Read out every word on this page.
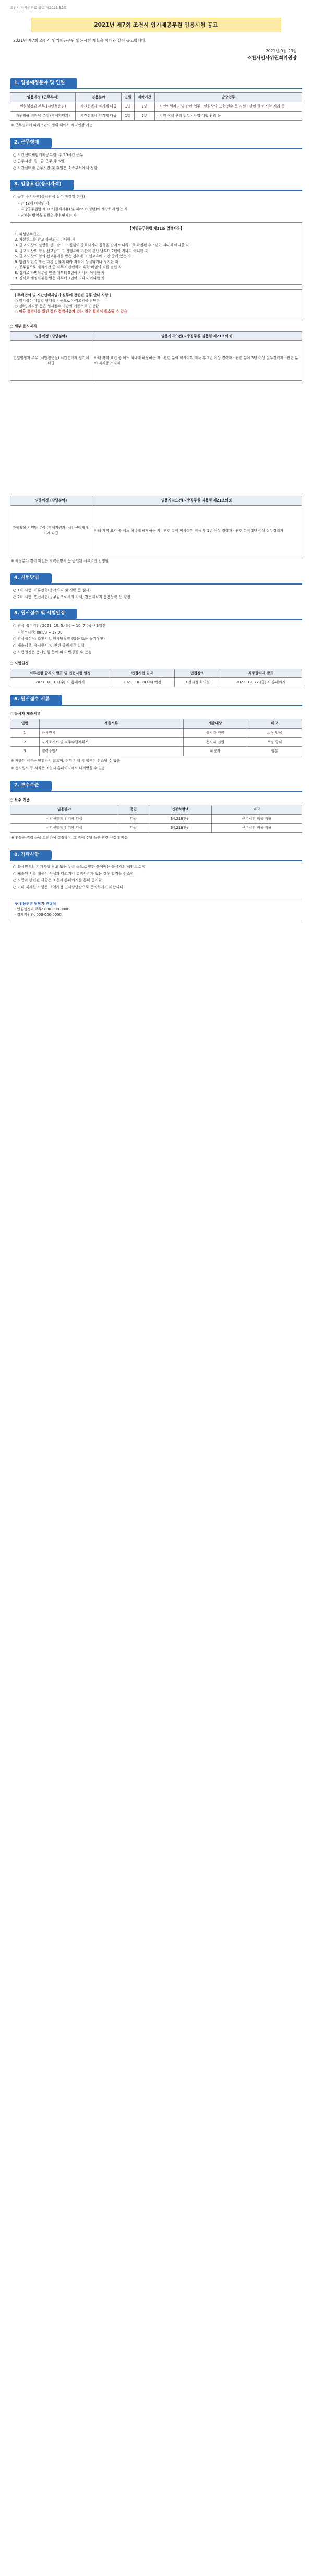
조천시 인사위원회 공고 제2021-52호
2021년 제7회 조천시 임기제공무원 임용시험 공고
2021년 제7회 조천시 임기제공무원 임용시험 계획을 아래와 같이 공고합니다.
2021년 9월 23일
조천시인사위원회위원장
1. 임용예정분야 및 인원
임용예정 (근무부서)	임용분야	인원	계약기간	담당업무
민원행정과 주무 (시민청운팀)	시간선택제 임기제 다급	1명	2년	· 시민민원처리 및 관련 업무 · 민원상담·고충 전수 등 지원 · 관련 행정 사항 처리 등
자원활용 지원팀 분야 (경제지원과)	시간선택제 임기제 다급	1명	2년	· 지원 정책 관리 업무 · 사업 이행 관리 등
※ 근무성과에 따라 5년의 범위 내에서 계약연장 가능
2. 근무형태
○ 시간선택제임기제공무원: 주 20시간 근무
○ 근무시간: 월~금 근무(주 5일)
○ 시간선택제 근무시간 및 휴일은 소속부서에서 정함
3. 임용요건(응시자격)
○ 공통 응시자격(응시원서 접수 마감일 현재)
- 만 18세 이상인 자
- 지방공무원법 제31조(결격사유) 및 제66조(정년)에 해당하지 않는 자
- 남자는 병역을 필하였거나 면제된 자
【지방공무원법 제31조 결격사유】
1. 피성년후견인
2. 파산선고를 받고 복권되지 아니한 자
3. 금고 이상의 실형을 선고받고 그 집행이 종료되거나 집행을 받지 아니하기로 확정된 후 5년이 지나지 아니한 자
4. 금고 이상의 형을 선고받고 그 집행유예 기간이 끝난 날부터 2년이 지나지 아니한 자
5. 금고 이상의 형의 선고유예를 받은 경우에 그 선고유예 기간 중에 있는 자
6. 법원의 판결 또는 다른 법률에 따라 자격이 상실되거나 정지된 자
7. 공무원으로 재직기간 중 직무와 관련하여 횡령·배임의 죄를 범한 자
8. 징계로 파면처분을 받은 때부터 5년이 지나지 아니한 자
9. 징계로 해임처분을 받은 때부터 3년이 지나지 아니한 자
[ 주택법의 및 시간선택제임기 실무에 관련된 공통 안내 사항 ]
○ 원서접수 마감일 현재를 기준으로 자격요건을 판단함
○ 경력, 자격증 등은 원서접수 마감일 기준으로 인정함
○ 임용 결격사유 확인 결과 결격사유가 있는 경우 합격이 취소될 수 있음
○ 세부 응시자격
임용예정 (담당분야)	임용자격요건(지방공무원 임용령 제21조의3)
민원행정과 주무 (시민청운팀) 시간선택제 임기제 다급	아래 자격 요건 중 어느 하나에 해당하는 자 · 관련 분야 학사학위 취득 후 1년 이상 경력자 · 관련 분야 3년 이상 실무경력자 · 관련 분야 자격증 소지자
임용예정 (담당분야)	임용자격요건(지방공무원 임용령 제21조의3)
자원활용 지원팀 분야 (경제지원과) 시간선택제 임기제 다급	아래 자격 요건 중 어느 하나에 해당하는 자 · 관련 분야 학사학위 취득 후 1년 이상 경력자 · 관련 분야 3년 이상 실무경력자
※ 해당분야 경력 확인은 경력증명서 등 공인된 서류로만 인정함
4. 시험방법
○ 1차 시험: 서류전형(응시자격 및 경력 등 심사)
○ 2차 시험: 면접시험(공무원으로서의 자세, 전문지식과 응용능력 등 평정)
5. 원서접수 및 시험일정
○ 원서 접수기간: 2021. 10. 5.(화) ~ 10. 7.(목) / 3일간
- 접수시간: 09:00 ~ 18:00
○ 원서접수처: 조천시청 인사담당관 (방문 또는 등기우편)
○ 제출서류: 응시원서 및 관련 증빙서류 일체
○ 시험일정은 응시인원 등에 따라 변경될 수 있음
○ 시험일정
서류전형 합격자 발표 및 면접시험 일정	면접시험 일자	면접장소	최종합격자 발표
2021. 10. 13.(수) 시 홈페이지	2021. 10. 20.(수) 예정	조천시청 회의실	2021. 10. 22.(금) 시 홈페이지
6. 원서접수 서류
○ 응시자 제출서류
연번	제출서류	제출대상	비고
1	응시원서	응시자 전원	소정 양식
2	자기소개서 및 직무수행계획서	응시자 전원	소정 양식
3	경력증명서	해당자	원본
※ 제출된 서류는 반환하지 않으며, 허위 기재 시 합격이 취소될 수 있음
※ 응시원서 등 서식은 조천시 홈페이지에서 내려받을 수 있음
7. 보수수준
○ 보수 기준
임용분야	등급	연봉하한액	비고
시간선택제 임기제 다급	다급	34,218천원	근무시간 비율 적용
시간선택제 임기제 다급	다급	34,218천원	근무시간 비율 적용
※ 연봉은 경력 등을 고려하여 결정하며, 그 밖에 수당 등은 관련 규정에 따름
8. 기타사항
○ 응시원서의 기재사항 착오 또는 누락 등으로 인한 불이익은 응시자의 책임으로 함
○ 제출된 서류 내용이 사실과 다르거나 결격사유가 있는 경우 합격을 취소함
○ 시험과 관련된 사항은 조천시 홈페이지를 통해 공지함
○ 기타 자세한 사항은 조천시청 인사담당관으로 문의하시기 바랍니다.
※ 임용관련 담당자 연락처
· 민원행정과 주무: 000-000-0000
· 경제지원과: 000-000-0000
